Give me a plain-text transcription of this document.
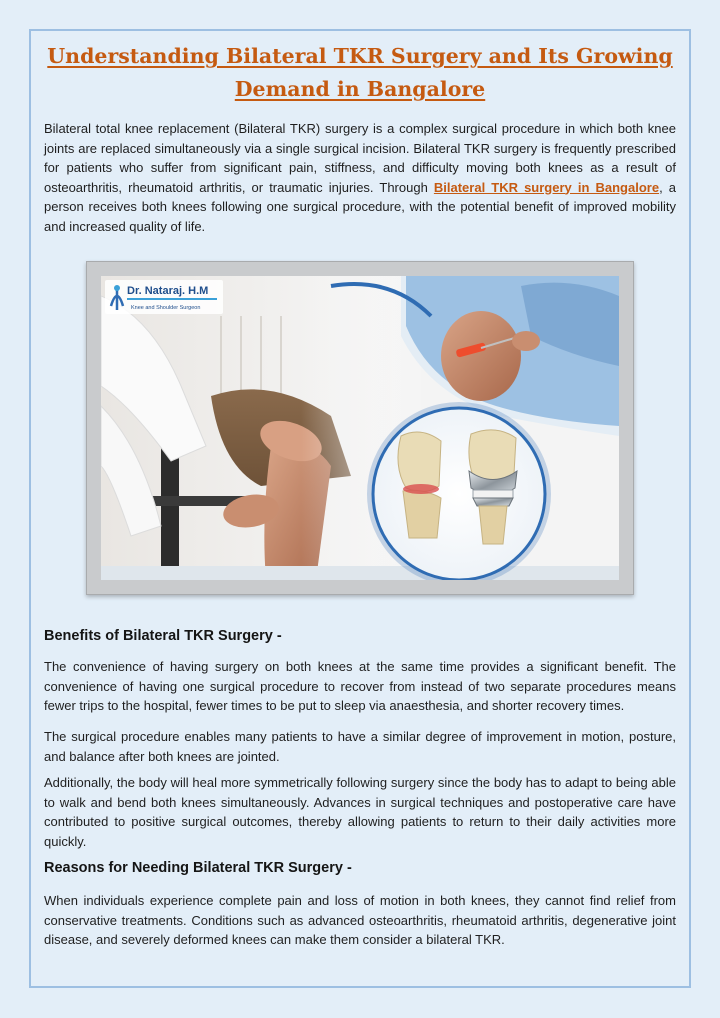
Understanding Bilateral TKR Surgery and Its Growing Demand in Bangalore

Bilateral total knee replacement (Bilateral TKR) surgery is a complex surgical procedure in which both knee joints are replaced simultaneously via a single surgical incision. Bilateral TKR surgery is frequently prescribed for patients who suffer from significant pain, stiffness, and difficulty moving both knees as a result of osteoarthritis, rheumatoid arthritis, or traumatic injuries. Through Bilateral TKR surgery in Bangalore, a person receives both knees following one surgical procedure, with the potential benefit of improved mobility and increased quality of life.

Dr. Nataraj. H.M
Knee and Shoulder Surgeon
Benefits of Bilateral TKR Surgery -

The convenience of having surgery on both knees at the same time provides a significant benefit. The convenience of having one surgical procedure to recover from instead of two separate procedures means fewer trips to the hospital, fewer times to be put to sleep via anaesthesia, and shorter recovery times.

The surgical procedure enables many patients to have a similar degree of improvement in motion, posture, and balance after both knees are jointed.

Additionally, the body will heal more symmetrically following surgery since the body has to adapt to being able to walk and bend both knees simultaneously. Advances in surgical techniques and postoperative care have contributed to positive surgical outcomes, thereby allowing patients to return to their daily activities more quickly.

Reasons for Needing Bilateral TKR Surgery -

When individuals experience complete pain and loss of motion in both knees, they cannot find relief from conservative treatments. Conditions such as advanced osteoarthritis, rheumatoid arthritis, degenerative joint disease, and severely deformed knees can make them consider a bilateral TKR.
